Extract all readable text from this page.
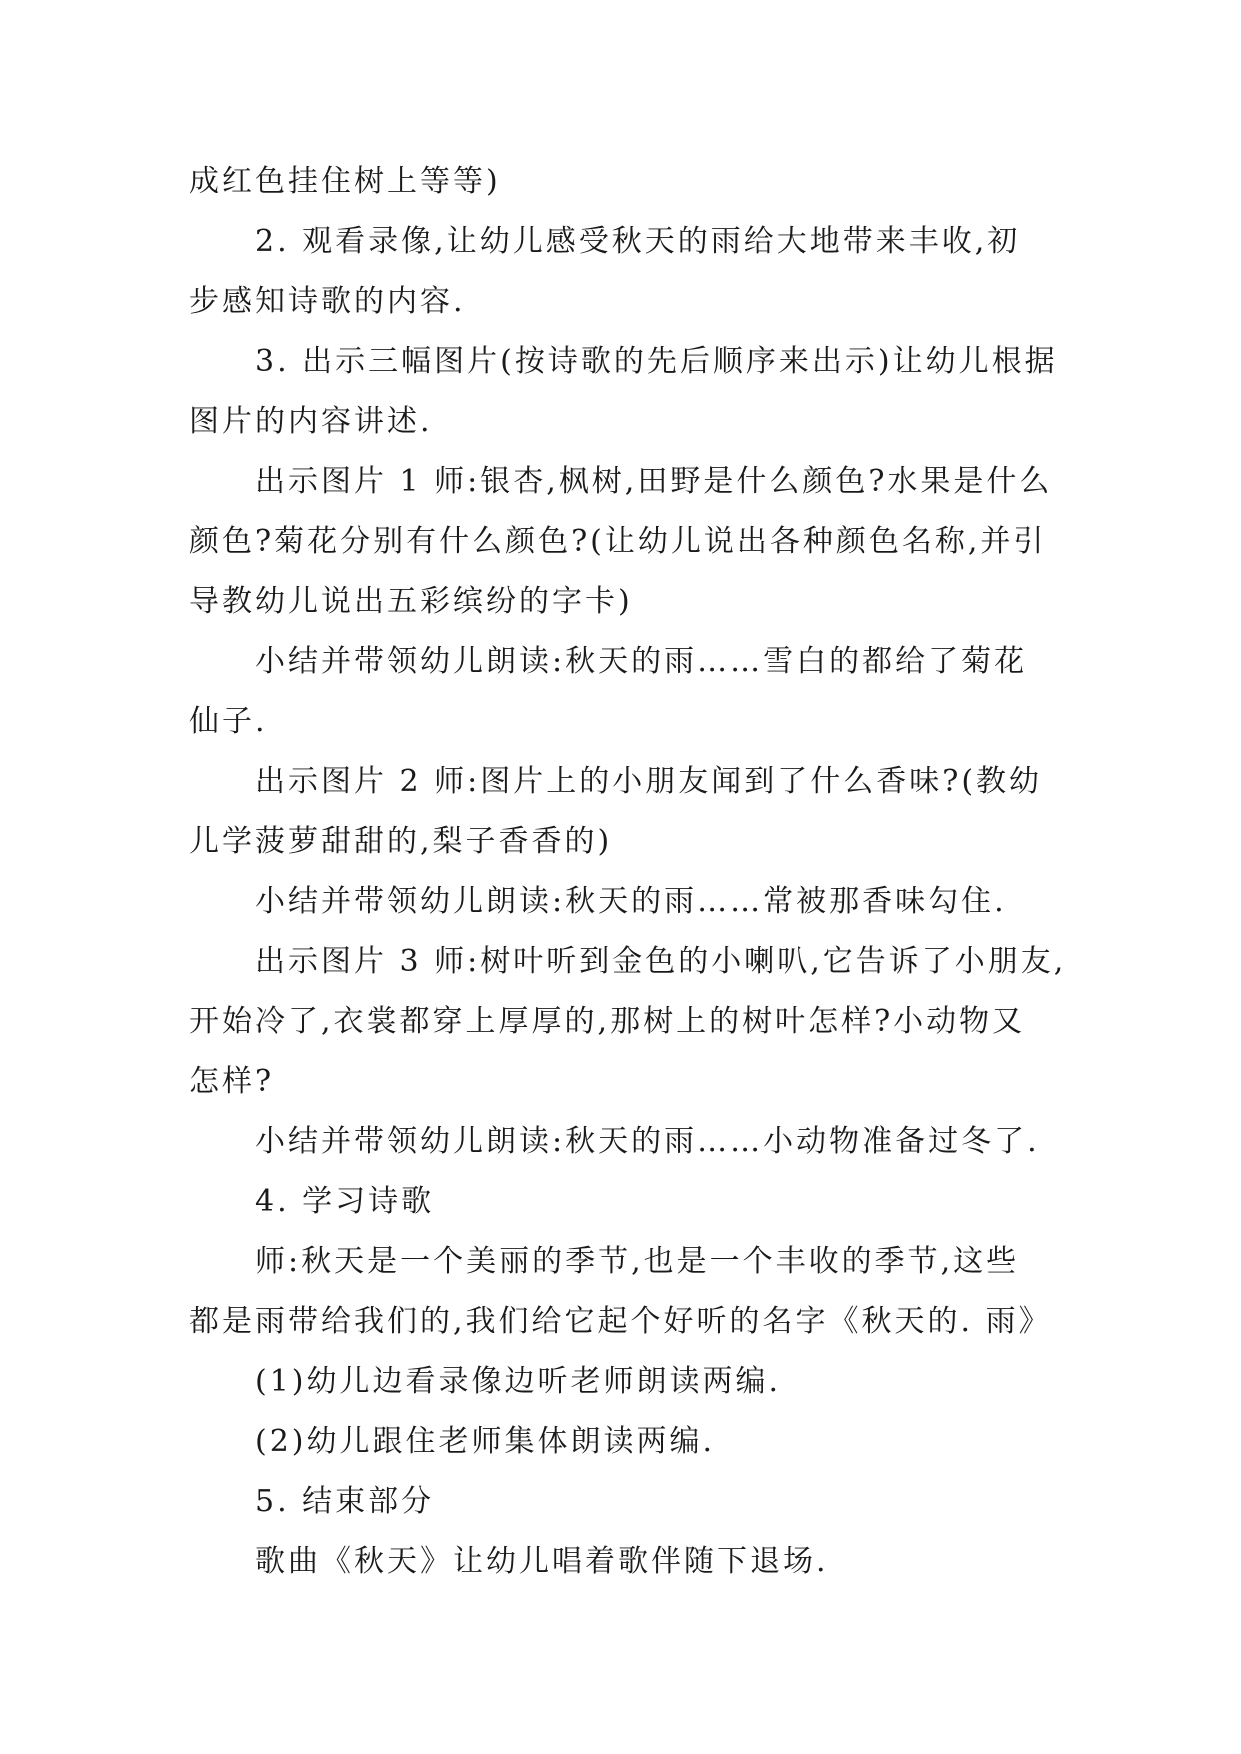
成红色挂住树上等等)

2. 观看录像,让幼儿感受秋天的雨给大地带来丰收,初

步感知诗歌的内容.

3. 出示三幅图片(按诗歌的先后顺序来出示)让幼儿根据

图片的内容讲述.

出示图片 1 师:银杏,枫树,田野是什么颜色?水果是什么

颜色?菊花分别有什么颜色?(让幼儿说出各种颜色名称,并引

导教幼儿说出五彩缤纷的字卡)

小结并带领幼儿朗读:秋天的雨……雪白的都给了菊花

仙子.

出示图片 2 师:图片上的小朋友闻到了什么香味?(教幼

儿学菠萝甜甜的,梨子香香的)

小结并带领幼儿朗读:秋天的雨……常被那香味勾住.

出示图片 3 师:树叶听到金色的小喇叭,它告诉了小朋友,

开始冷了,衣裳都穿上厚厚的,那树上的树叶怎样?小动物又

怎样?

小结并带领幼儿朗读:秋天的雨……小动物准备过冬了.

4. 学习诗歌

师:秋天是一个美丽的季节,也是一个丰收的季节,这些

都是雨带给我们的,我们给它起个好听的名字《秋天的. 雨》

(1)幼儿边看录像边听老师朗读两编.

(2)幼儿跟住老师集体朗读两编.

5. 结束部分

歌曲《秋天》让幼儿唱着歌伴随下退场.
